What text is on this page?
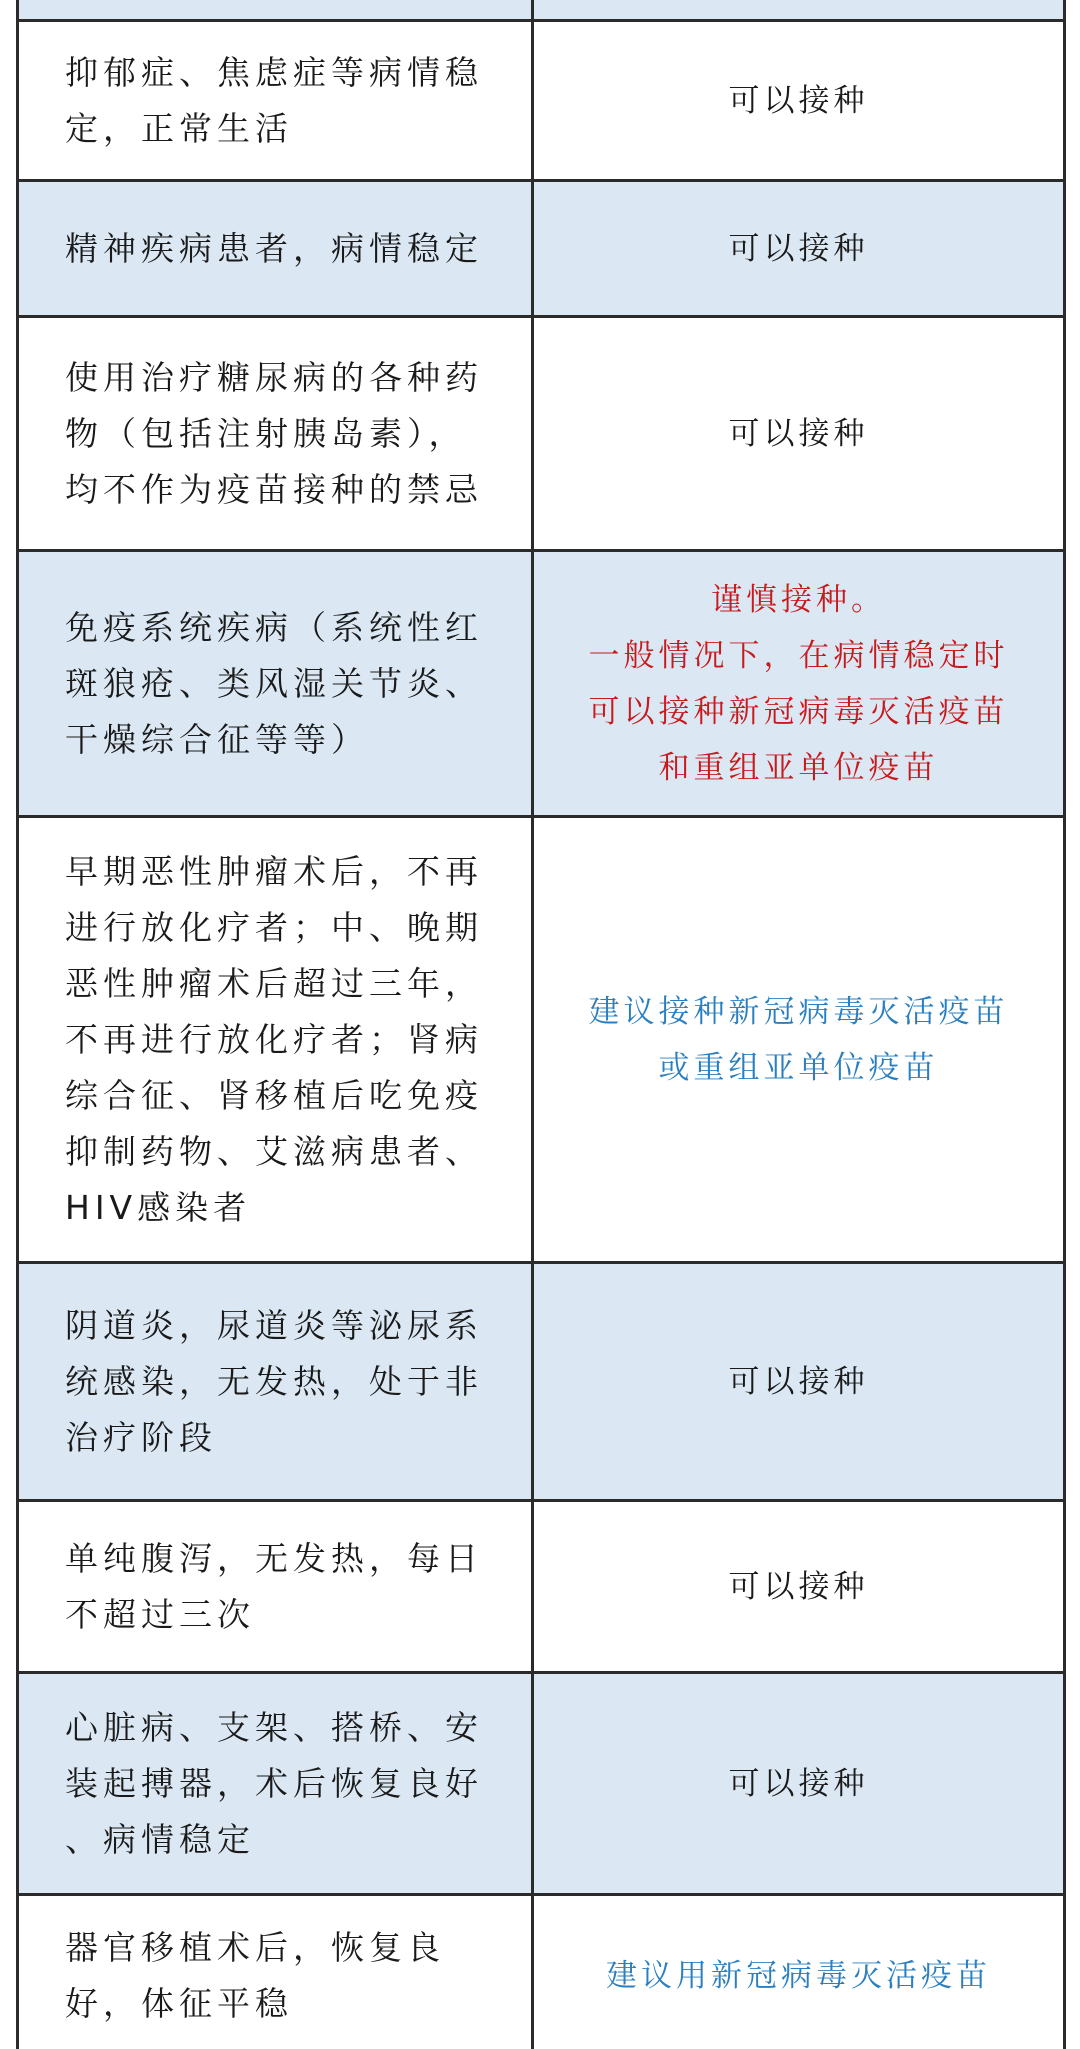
抑郁症、焦虑症等病情稳
定，正常生活
可以接种
精神疾病患者，病情稳定	可以接种
使用治疗糖尿病的各种药
物（包括注射胰岛素），
均不作为疫苗接种的禁忌
可以接种
免疫系统疾病（系统性红
斑狼疮、类风湿关节炎、
干燥综合征等等）
谨慎接种。
一般情况下，在病情稳定时
可以接种新冠病毒灭活疫苗
和重组亚单位疫苗
早期恶性肿瘤术后，不再
进行放化疗者；中、晚期
恶性肿瘤术后超过三年，
不再进行放化疗者；肾病
综合征、肾移植后吃免疫
抑制药物、艾滋病患者、
HIV感染者
建议接种新冠病毒灭活疫苗
或重组亚单位疫苗
阴道炎，尿道炎等泌尿系
统感染，无发热，处于非
治疗阶段
可以接种
单纯腹泻，无发热，每日
不超过三次
可以接种
心脏病、支架、搭桥、安
装起搏器，术后恢复良好
、病情稳定
可以接种
器官移植术后，恢复良
好，体征平稳
建议用新冠病毒灭活疫苗
